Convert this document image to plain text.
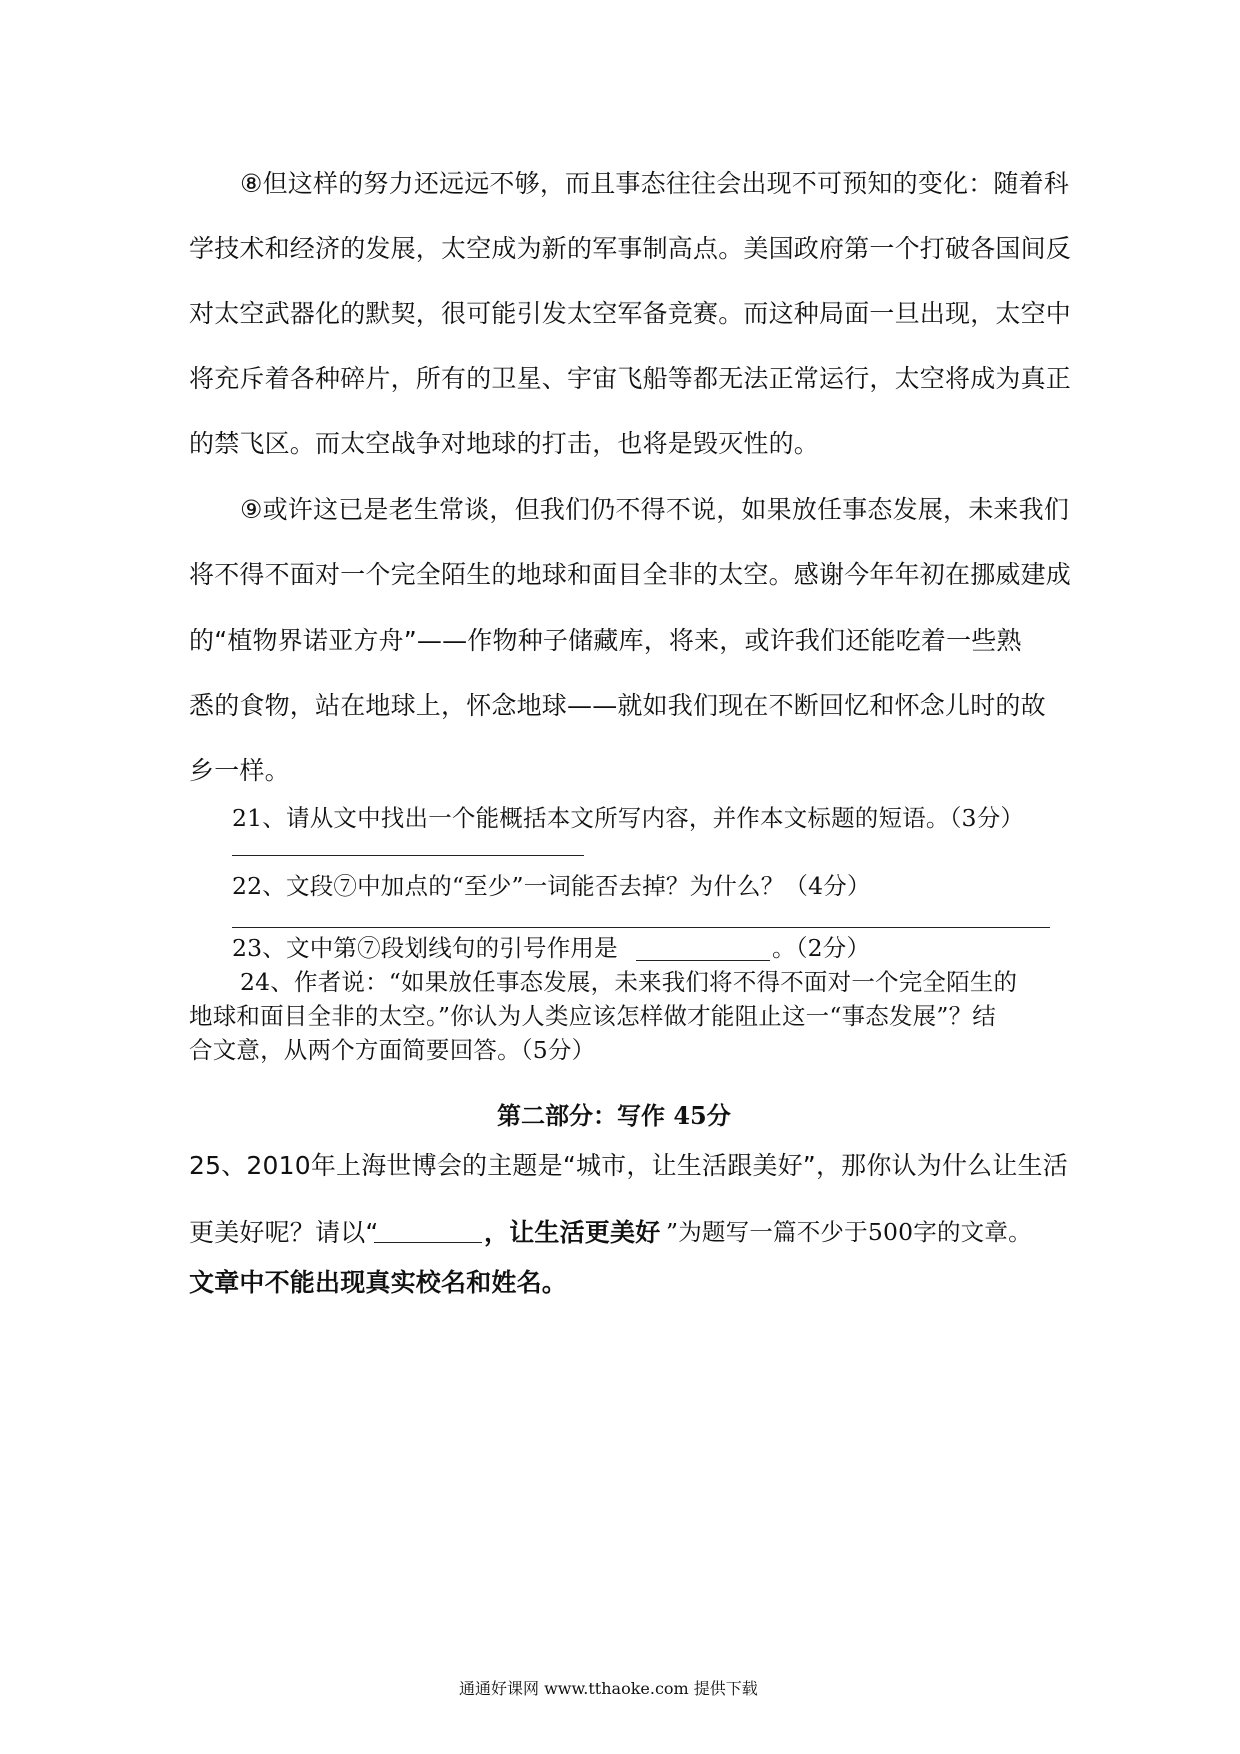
⑧但这样的努力还远远不够，而且事态往往会出现不可预知的变化：随着科
学技术和经济的发展，太空成为新的军事制高点。美国政府第一个打破各国间反
对太空武器化的默契，很可能引发太空军备竞赛。而这种局面一旦出现，太空中
将充斥着各种碎片，所有的卫星、宇宙飞船等都无法正常运行，太空将成为真正
的禁飞区。而太空战争对地球的打击，也将是毁灭性的。
⑨或许这已是老生常谈，但我们仍不得不说，如果放任事态发展，未来我们
将不得不面对一个完全陌生的地球和面目全非的太空。感谢今年年初在挪威建成
的“植物界诺亚方舟”——作物种子储藏库，将来，或许我们还能吃着一些熟
悉的食物，站在地球上，怀念地球——就如我们现在不断回忆和怀念儿时的故
乡一样。
21、请从文中找出一个能概括本文所写内容，并作本文标题的短语。（3分）
22、文段⑦中加点的“至少”一词能否去掉？为什么？（4分）
23、文中第⑦段划线句的引号作用是	。（2分）
24、作者说：“如果放任事态发展，未来我们将不得不面对一个完全陌生的
地球和面目全非的太空。”你认为人类应该怎样做才能阻止这一“事态发展”？结
合文意，从两个方面简要回答。（5分）
第二部分：写作 45分
25、2010年上海世博会的主题是“城市，让生活跟美好”，那你认为什么让生活
更美好呢？请以“	，让生活更美好 ”为题写一篇不少于500字的文章。
文章中不能出现真实校名和姓名。
通通好课网 www.tthaoke.com 提供下载
